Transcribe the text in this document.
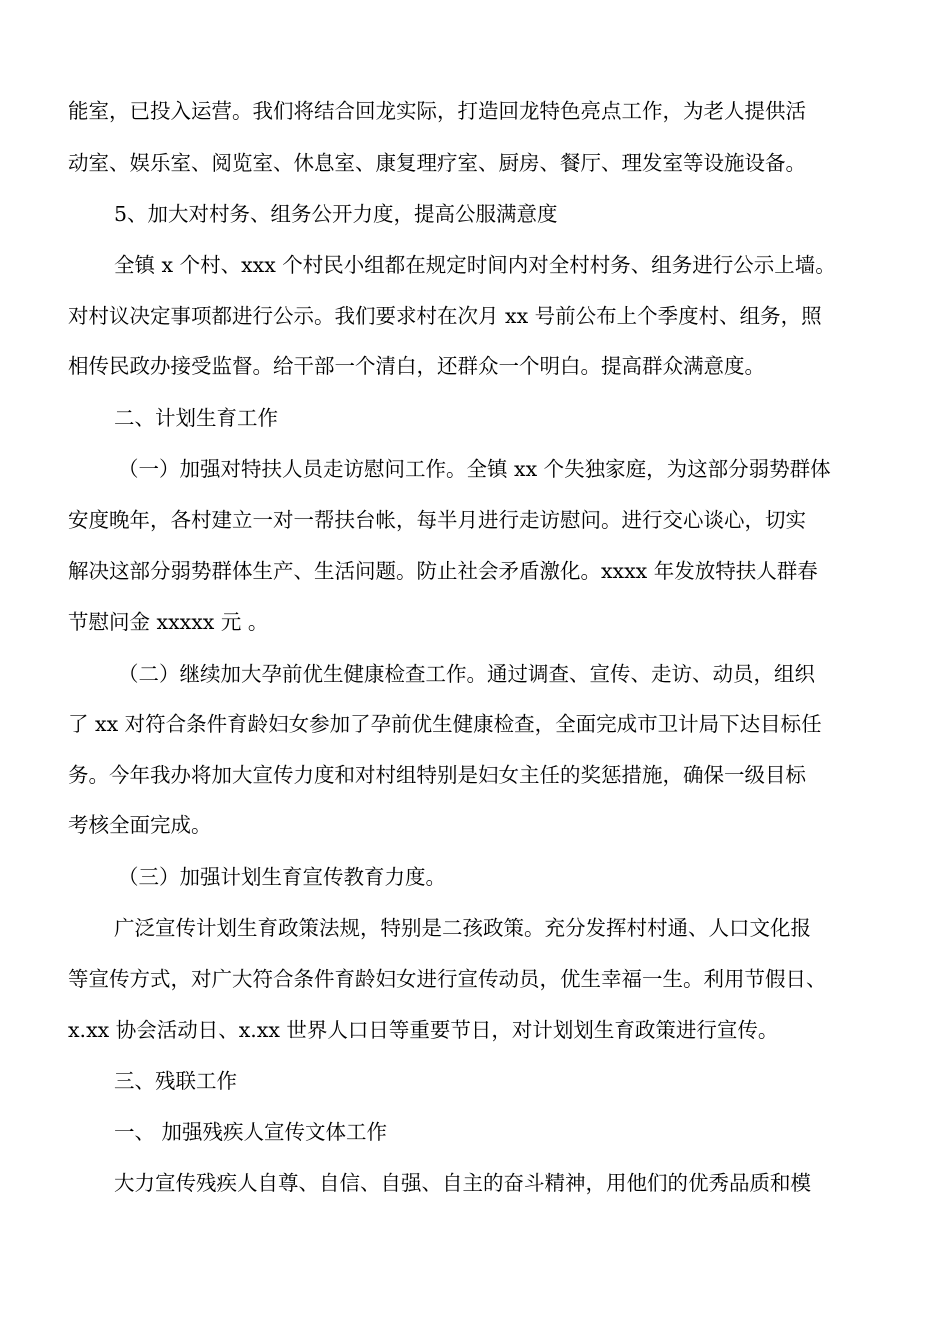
能室，已投入运营。我们将结合回龙实际，打造回龙特色亮点工作，为老人提供活
动室、娱乐室、阅览室、休息室、康复理疗室、厨房、餐厅、理发室等设施设备。
5、加大对村务、组务公开力度，提高公服满意度
全镇 x 个村、xxx 个村民小组都在规定时间内对全村村务、组务进行公示上墙。
对村议决定事项都进行公示。我们要求村在次月 xx 号前公布上个季度村、组务，照
相传民政办接受监督。给干部一个清白，还群众一个明白。提高群众满意度。
二、计划生育工作
（一）加强对特扶人员走访慰问工作。全镇 xx 个失独家庭，为这部分弱势群体
安度晚年，各村建立一对一帮扶台帐，每半月进行走访慰问。进行交心谈心，切实
解决这部分弱势群体生产、生活问题。防止社会矛盾激化。xxxx 年发放特扶人群春
节慰问金 xxxxx 元 。
（二）继续加大孕前优生健康检查工作。通过调查、宣传、走访、动员，组织
了 xx 对符合条件育龄妇女参加了孕前优生健康检查，全面完成市卫计局下达目标任
务。今年我办将加大宣传力度和对村组特别是妇女主任的奖惩措施，确保一级目标
考核全面完成。
（三）加强计划生育宣传教育力度。
广泛宣传计划生育政策法规，特别是二孩政策。充分发挥村村通、人口文化报
等宣传方式，对广大符合条件育龄妇女进行宣传动员，优生幸福一生。利用节假日、
x.xx 协会活动日、x.xx 世界人口日等重要节日，对计划划生育政策进行宣传。
三、残联工作
一、 加强残疾人宣传文体工作
大力宣传残疾人自尊、自信、自强、自主的奋斗精神，用他们的优秀品质和模
